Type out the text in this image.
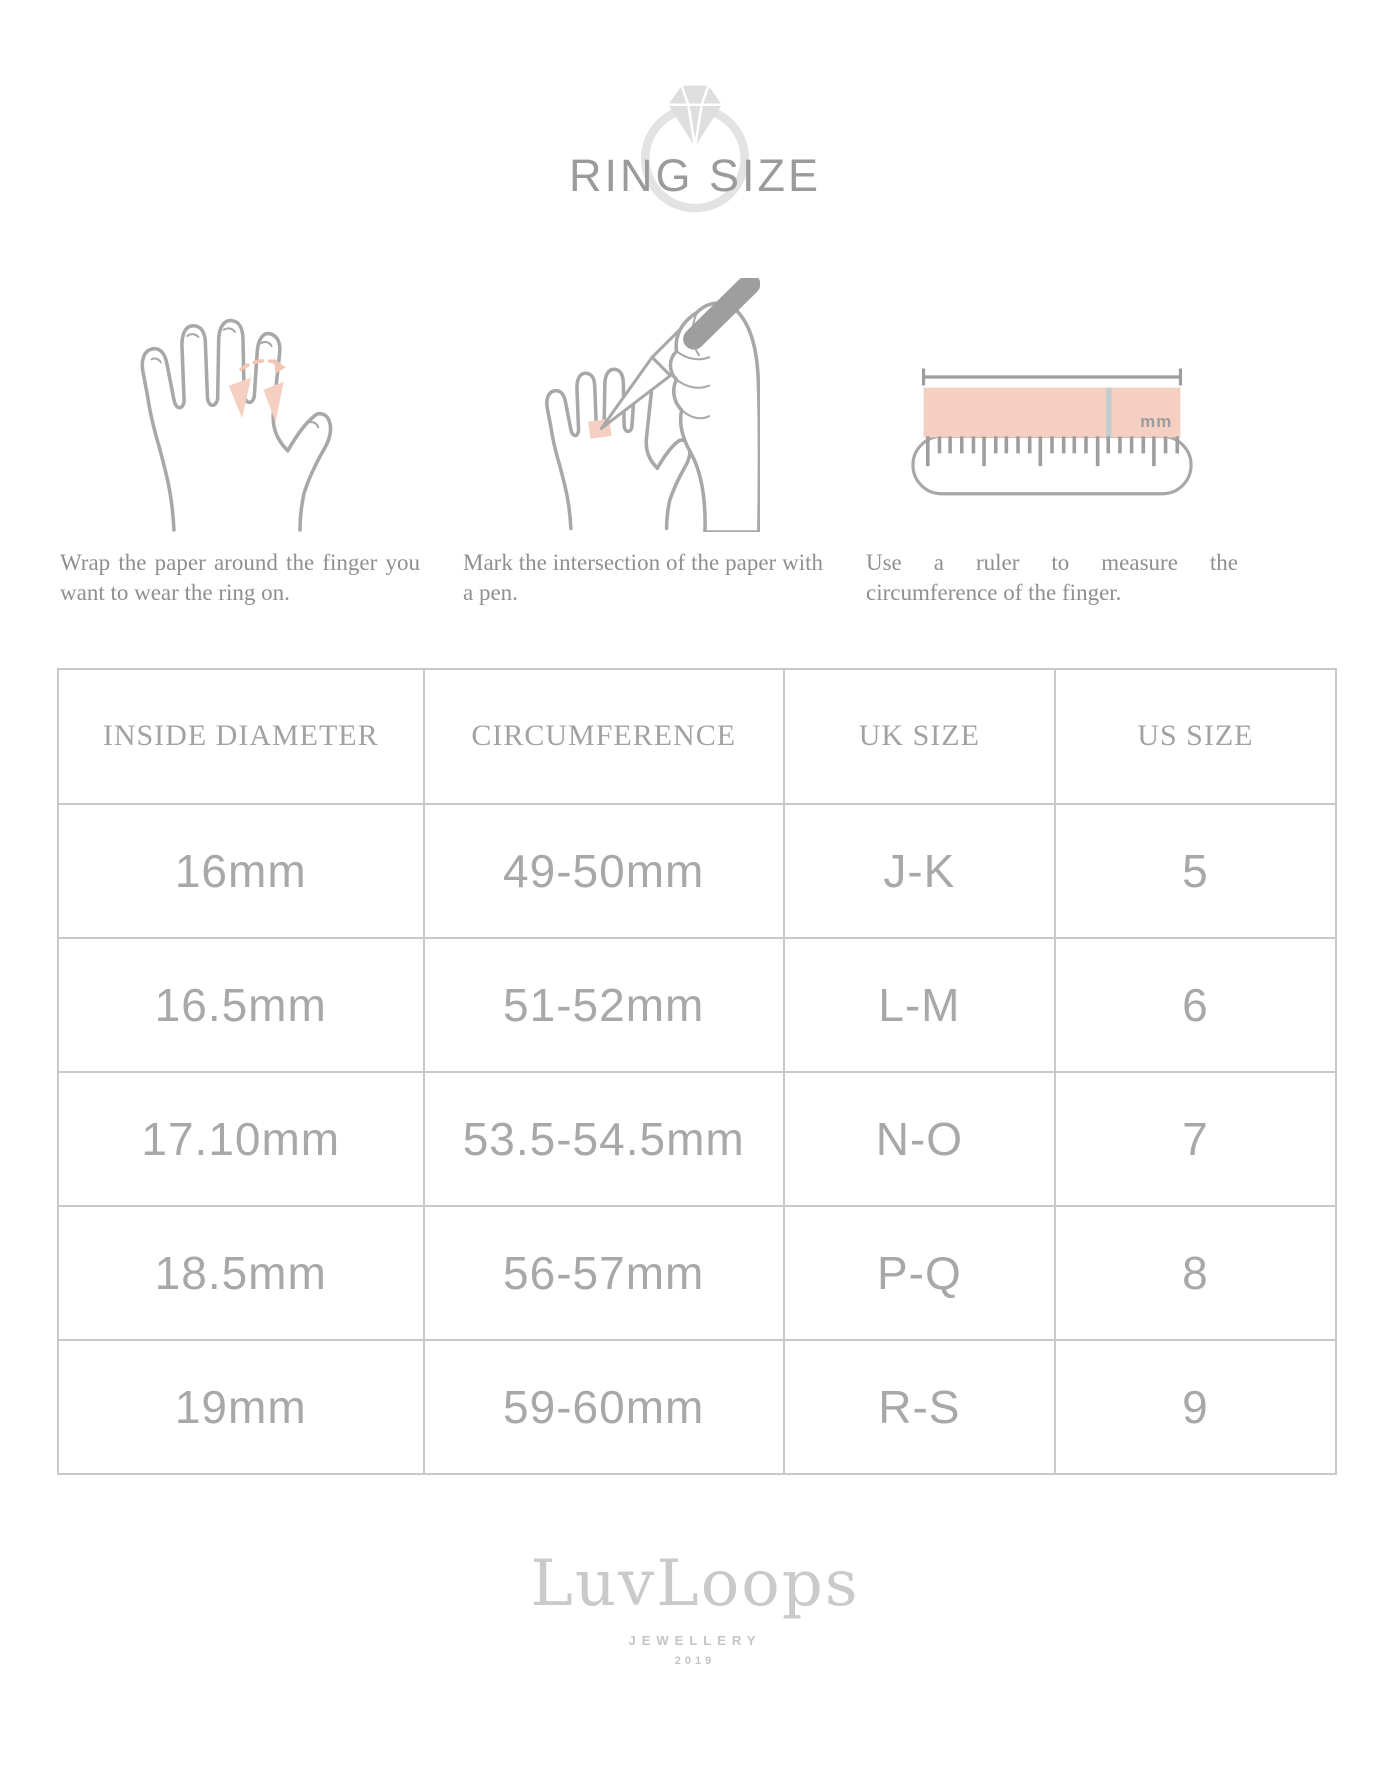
RING SIZE

Wrap the paper around the finger you want to wear the ring on.

Mark the intersection of the paper with a pen.

mm

Use a ruler to measure the circumference of the finger.

INSIDE DIAMETER	CIRCUMFERENCE	UK SIZE	US SIZE
16mm	49-50mm	J-K	5
16.5mm	51-52mm	L-M	6
17.10mm	53.5-54.5mm	N-O	7
18.5mm	56-57mm	P-Q	8
19mm	59-60mm	R-S	9
LuvLoops
JEWELLERY
2019
